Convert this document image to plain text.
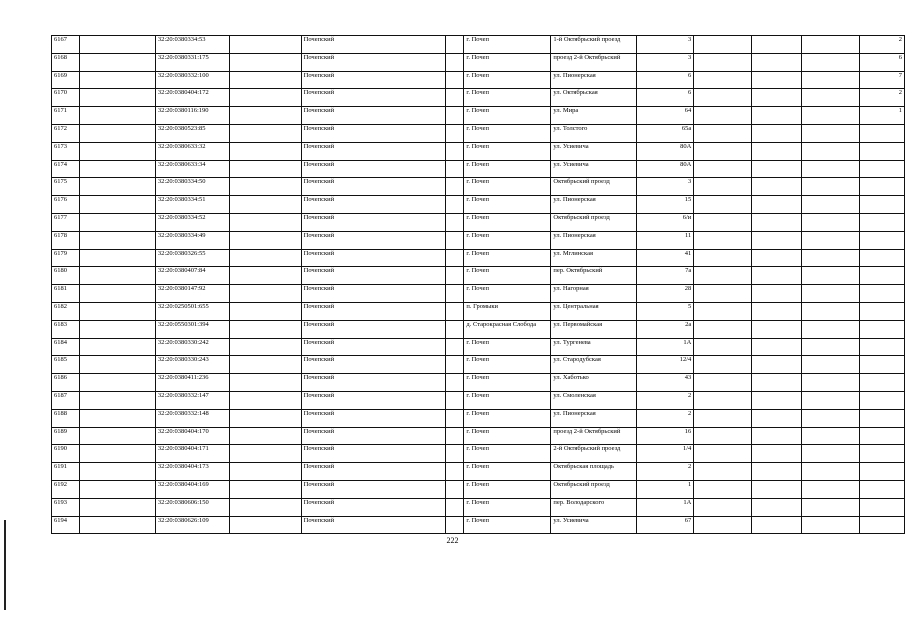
6167		32:20:0380334:53		Почепский		г. Почеп	1-й Октябрьский проезд	3				2
6168		32:20:0380331:175		Почепский		г. Почеп	проезд 2-й Октябрьский	3				6
6169		32:20:0380332:100		Почепский		г. Почеп	ул. Пионерская	6				7
6170		32:20:0380404:172		Почепский		г. Почеп	ул. Октябрьская	6				2
6171		32:20:0380116:190		Почепский		г. Почеп	ул. Мира	64				1
6172		32:20:0380523:85		Почепский		г. Почеп	ул. Толстого	65а				
6173		32:20:0380633:32		Почепский		г. Почеп	ул. Усиевича	80А				
6174		32:20:0380633:34		Почепский		г. Почеп	ул. Усиевича	80А				
6175		32:20:0380334:50		Почепский		г. Почеп	Октябрьский проезд	3				
6176		32:20:0380334:51		Почепский		г. Почеп	ул. Пионерская	15				
6177		32:20:0380334:52		Почепский		г. Почеп	Октябрьский проезд	6/и				
6178		32:20:0380334:49		Почепский		г. Почеп	ул. Пионерская	11				
6179		32:20:0380326:55		Почепский		г. Почеп	ул. Мглинская	41				
6180		32:20:0380407:84		Почепский		г. Почеп	пер. Октябрьский	7а				
6181		32:20:0380147:92		Почепский		г. Почеп	ул. Нагорная	28				
6182		32:20:0250501:655		Почепский		п. Громыки	ул. Центральная	5				
6183		32:20:0550301:394		Почепский		д. Старокрасная Слобода	ул. Первомайская	2а				
6184		32:20:0380330:242		Почепский		г. Почеп	ул. Тургенева	1А				
6185		32:20:0380330:243		Почепский		г. Почеп	ул. Стародубская	12/4				
6186		32:20:0380411:236		Почепский		г. Почеп	ул. Хаботько	43				
6187		32:20:0380332:147		Почепский		г. Почеп	ул. Смоленская	2				
6188		32:20:0380332:148		Почепский		г. Почеп	ул. Пионерская	2				
6189		32:20:0380404:170		Почепский		г. Почеп	проезд 2-й Октябрьский	16				
6190		32:20:0380404:171		Почепский		г. Почеп	2-й Октябрьский проезд	1/4				
6191		32:20:0380404:173		Почепский		г. Почеп	Октябрьская площадь	2				
6192		32:20:0380404:169		Почепский		г. Почеп	Октябрьский проезд	1				
6193		32:20:0380606:150		Почепский		г. Почеп	пер. Володарского	1А				
6194		32:20:0380626:109		Почепский		г. Почеп	ул. Усиевича	67				
222
